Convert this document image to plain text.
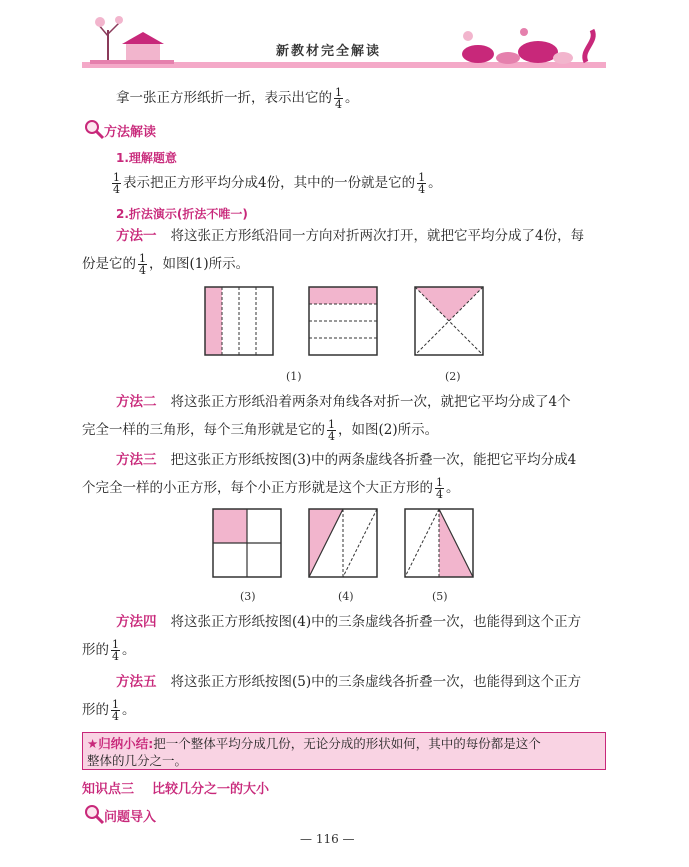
新教材完全解读
拿一张正方形纸折一折，表示出它的 $\frac{1}{4}$ 。
方法解读
1.理解题意
$\frac{1}{4}$ 表示把正方形平均分成4份，其中的一份就是它的 $\frac{1}{4}$ 。
2.折法演示(折法不唯一)
方法一 将这张正方形纸沿同一方向对折两次打开，就把它平均分成了4份，每
份是它的 $\frac{1}{4}$ ，如图(1)所示。
(1)	(2)
方法二 将这张正方形纸沿着两条对角线各对折一次，就把它平均分成了4个
完全一样的三角形，每个三角形就是它的 $\frac{1}{4}$ ，如图(2)所示。
方法三 把这张正方形纸按图(3)中的两条虚线各折叠一次，能把它平均分成4
个完全一样的小正方形，每个小正方形就是这个大正方形的 $\frac{1}{4}$ 。
(3)	(4)	(5)
方法四 将这张正方形纸按图(4)中的三条虚线各折叠一次，也能得到这个正方
形的 $\frac{1}{4}$ 。
方法五 将这张正方形纸按图(5)中的三条虚线各折叠一次，也能得到这个正方
形的 $\frac{1}{4}$ 。
★归纳小结:把一个整体平均分成几份，无论分成的形状如何，其中的每份都是这个
整体的几分之一。
知识点三 比较几分之一的大小
问题导入
— 116 —
